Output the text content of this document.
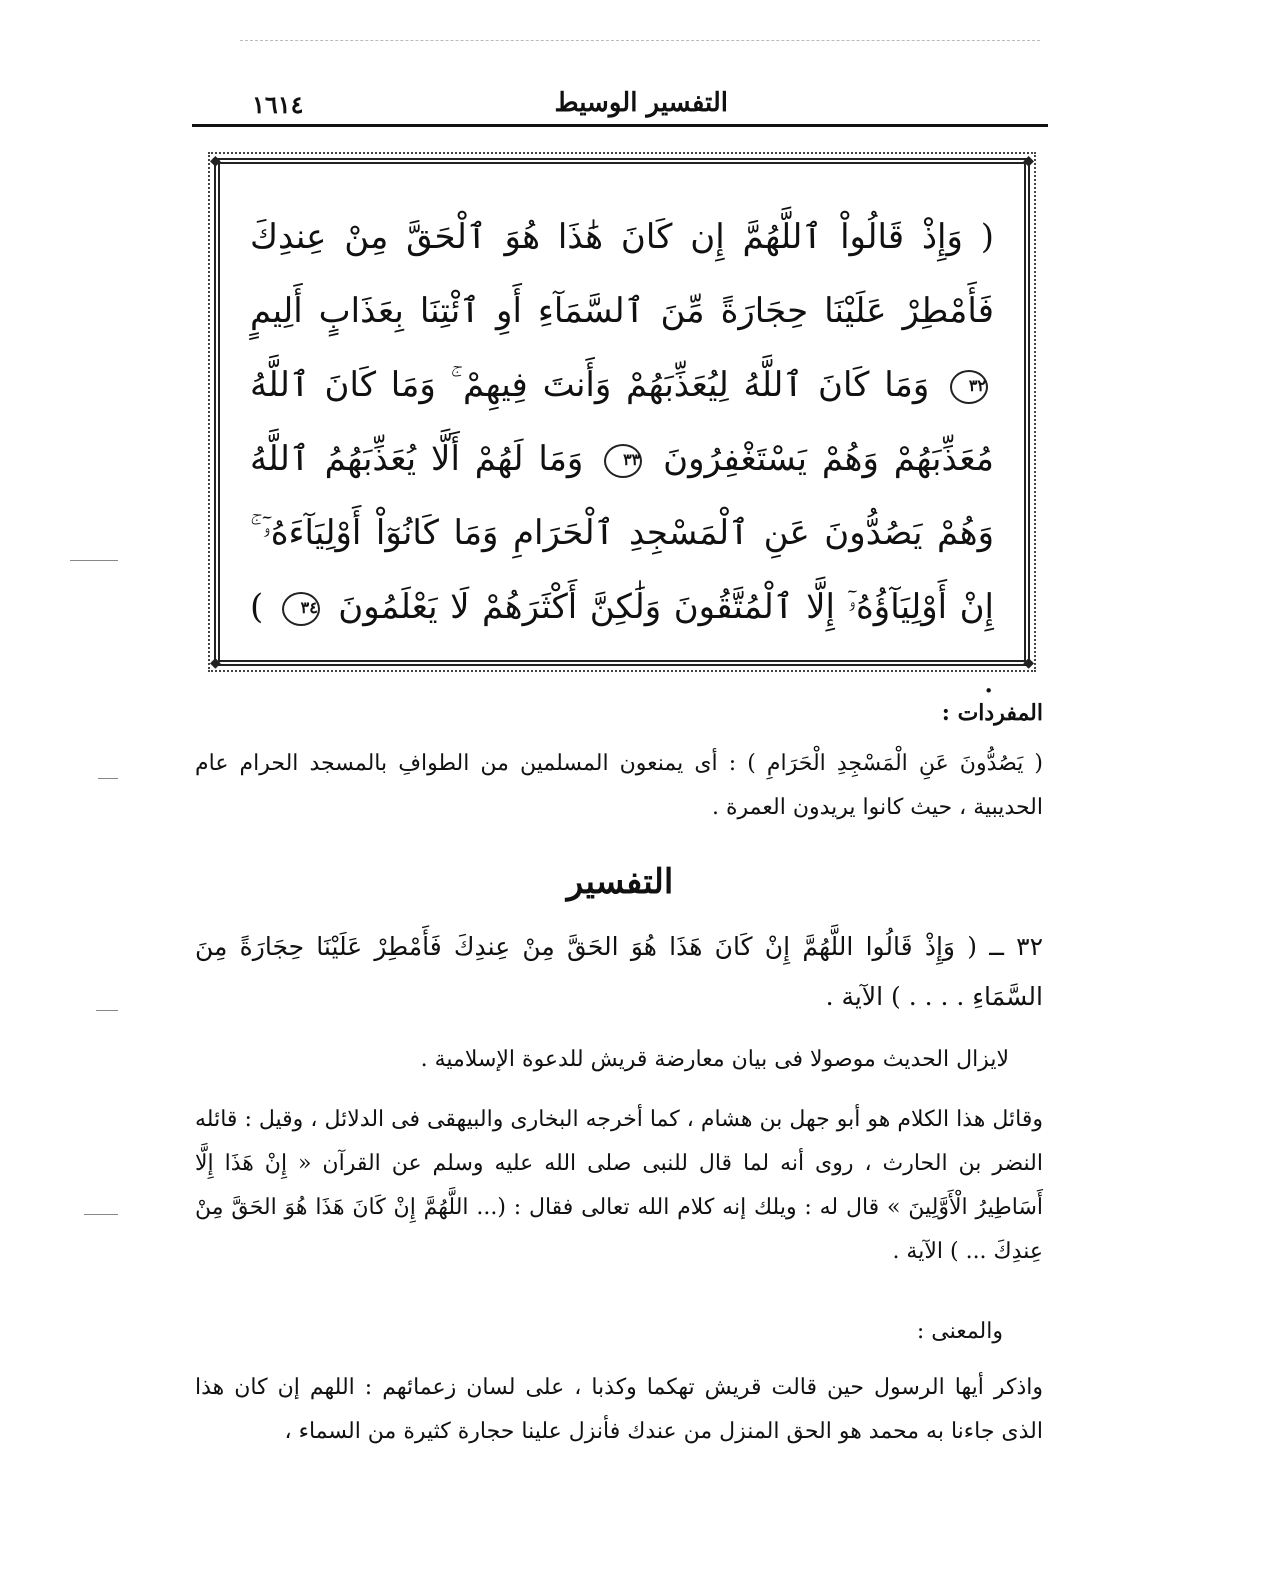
١٦١٤	التفسير الوسيط
◆	◆
◆	◆
( وَإِذْ قَالُواْ ٱللَّهُمَّ إِن كَانَ هَٰذَا هُوَ ٱلْحَقَّ مِنْ عِندِكَ فَأَمْطِرْ عَلَيْنَا حِجَارَةً مِّنَ ٱلسَّمَآءِ أَوِ ٱئْتِنَا بِعَذَابٍ أَلِيمٍ ٣٢ وَمَا كَانَ ٱللَّهُ لِيُعَذِّبَهُمْ وَأَنتَ فِيهِمْ ۚ وَمَا كَانَ ٱللَّهُ مُعَذِّبَهُمْ وَهُمْ يَسْتَغْفِرُونَ ٣٣ وَمَا لَهُمْ أَلَّا يُعَذِّبَهُمُ ٱللَّهُ وَهُمْ يَصُدُّونَ عَنِ ٱلْمَسْجِدِ ٱلْحَرَامِ وَمَا كَانُوٓاْ أَوْلِيَآءَهُۥٓ ۚ إِنْ أَوْلِيَآؤُهُۥٓ إِلَّا ٱلْمُتَّقُونَ وَلَٰكِنَّ أَكْثَرَهُمْ لَا يَعْلَمُونَ ٣٤ ) .
المفردات :
( يَصُدُّونَ عَنِ الْمَسْجِدِ الْحَرَامِ ) : أى يمنعون المسلمين من الطوافِ بالمسجد الحرام عام الحديبية ، حيث كانوا يريدون العمرة .
التفسير
٣٢ ــ ( وَإِذْ قَالُوا اللَّهُمَّ إِنْ كَانَ هَذَا هُوَ الحَقَّ مِنْ عِندِكَ فَأَمْطِرْ عَلَيْنَا حِجَارَةً مِنَ السَّمَاءِ . . . . ) الآية .
لايزال الحديث موصولا فى بيان معارضة قريش للدعوة الإسلامية .
وقائل هذا الكلام هو أبو جهل بن هشام ، كما أخرجه البخارى والبيهقى فى الدلائل ، وقيل : قائله النضر بن الحارث ، روى أنه لما قال للنبى صلى الله عليه وسلم عن القرآن « إِنْ هَذَا إِلَّا أَسَاطِيرُ الْأَوَّلِينَ » قال له : ويلك إنه كلام الله تعالى فقال : (... اللَّهُمَّ إِنْ كَانَ هَذَا هُوَ الحَقَّ مِنْ عِندِكَ ... ) الآية .
والمعنى :
واذكر أيها الرسول حين قالت قريش تهكما وكذبا ، على لسان زعمائهم : اللهم إن كان هذا الذى جاءنا به محمد هو الحق المنزل من عندك فأنزل علينا حجارة كثيرة من السماء ،
